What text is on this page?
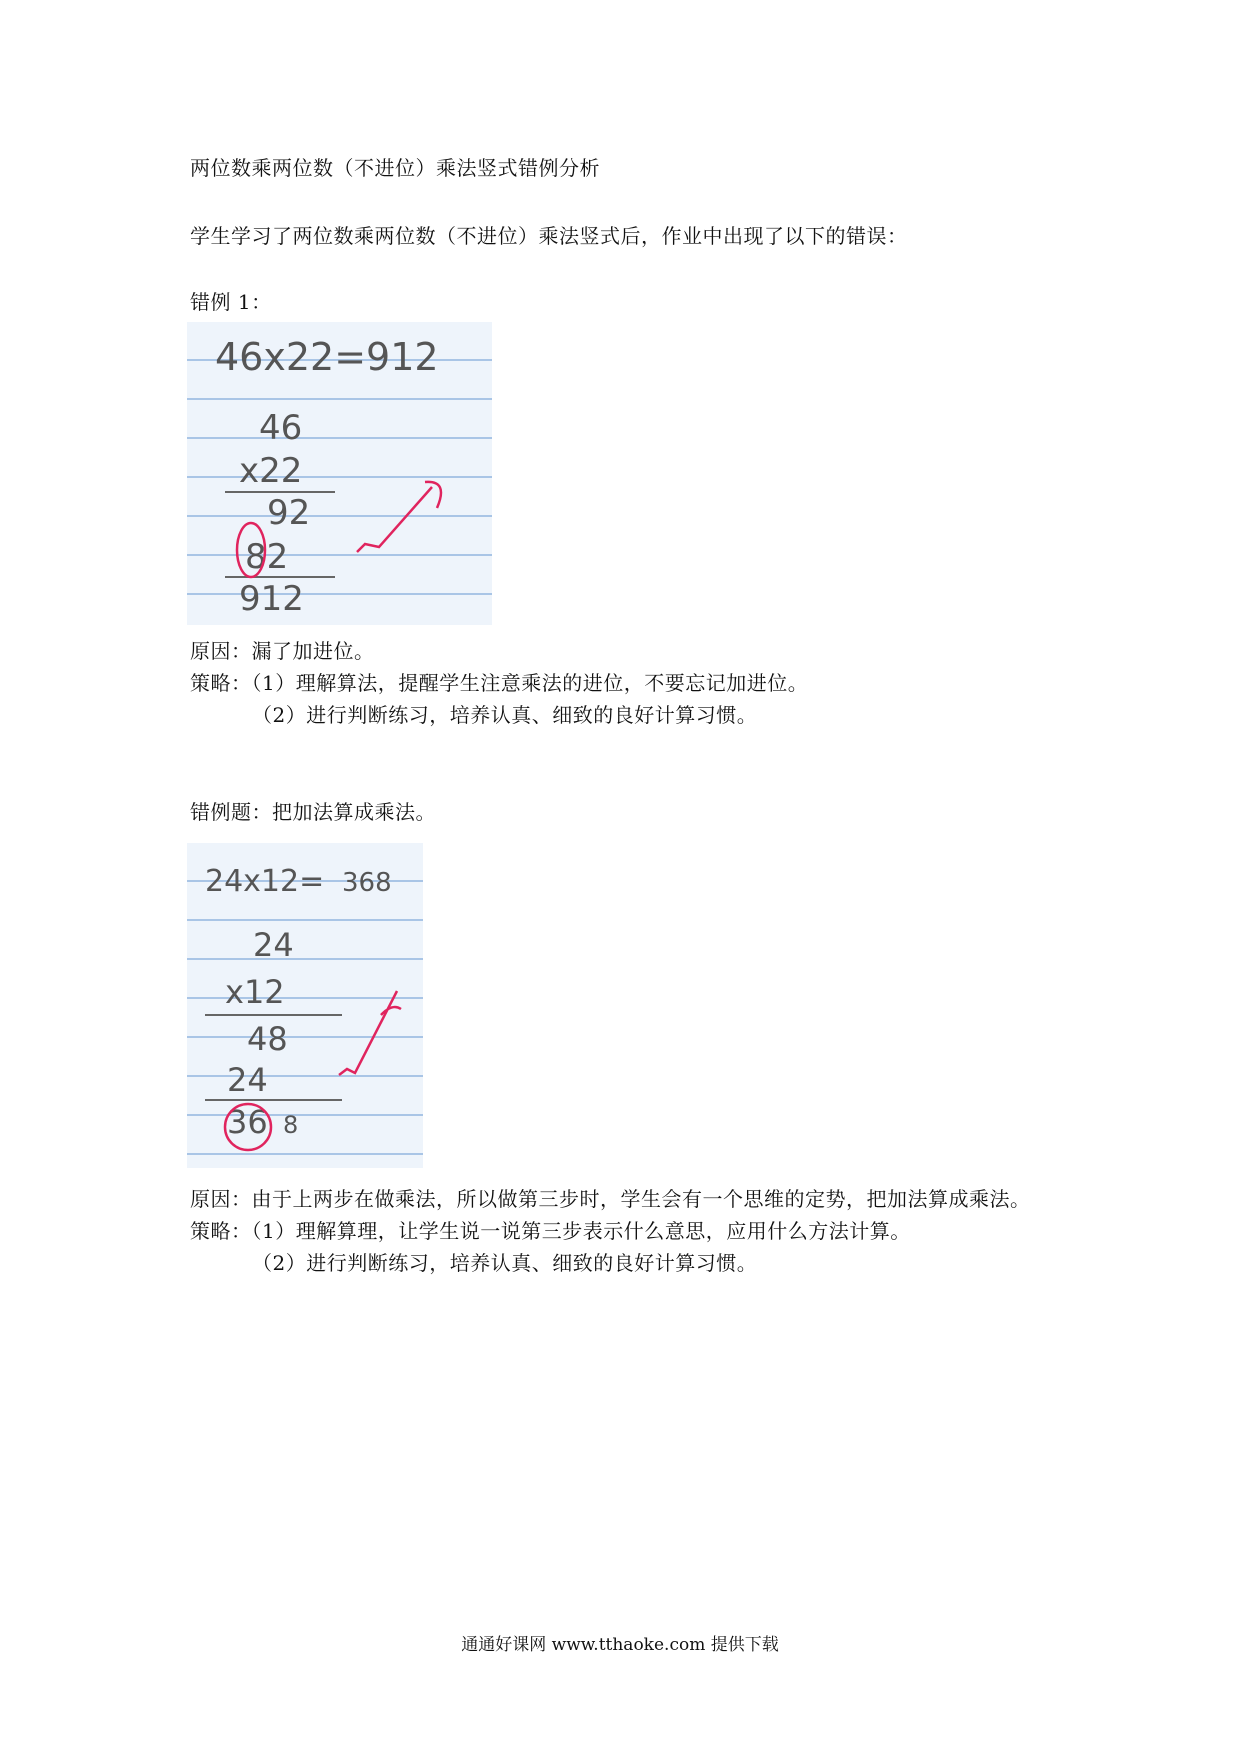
两位数乘两位数（不进位）乘法竖式错例分析
学生学习了两位数乘两位数（不进位）乘法竖式后，作业中出现了以下的错误：
错例 1：
46x22=912
46
x22
92
82
912
原因：漏了加进位。
策略：（1）理解算法，提醒学生注意乘法的进位，不要忘记加进位。
（2）进行判断练习，培养认真、细致的良好计算习惯。
错例题：把加法算成乘法。
24x12= 368
24
x12
48
24
36 8
原因：由于上两步在做乘法，所以做第三步时，学生会有一个思维的定势，把加法算成乘法。
策略：（1）理解算理，让学生说一说第三步表示什么意思，应用什么方法计算。
（2）进行判断练习，培养认真、细致的良好计算习惯。
通通好课网 www.tthaoke.com 提供下载
